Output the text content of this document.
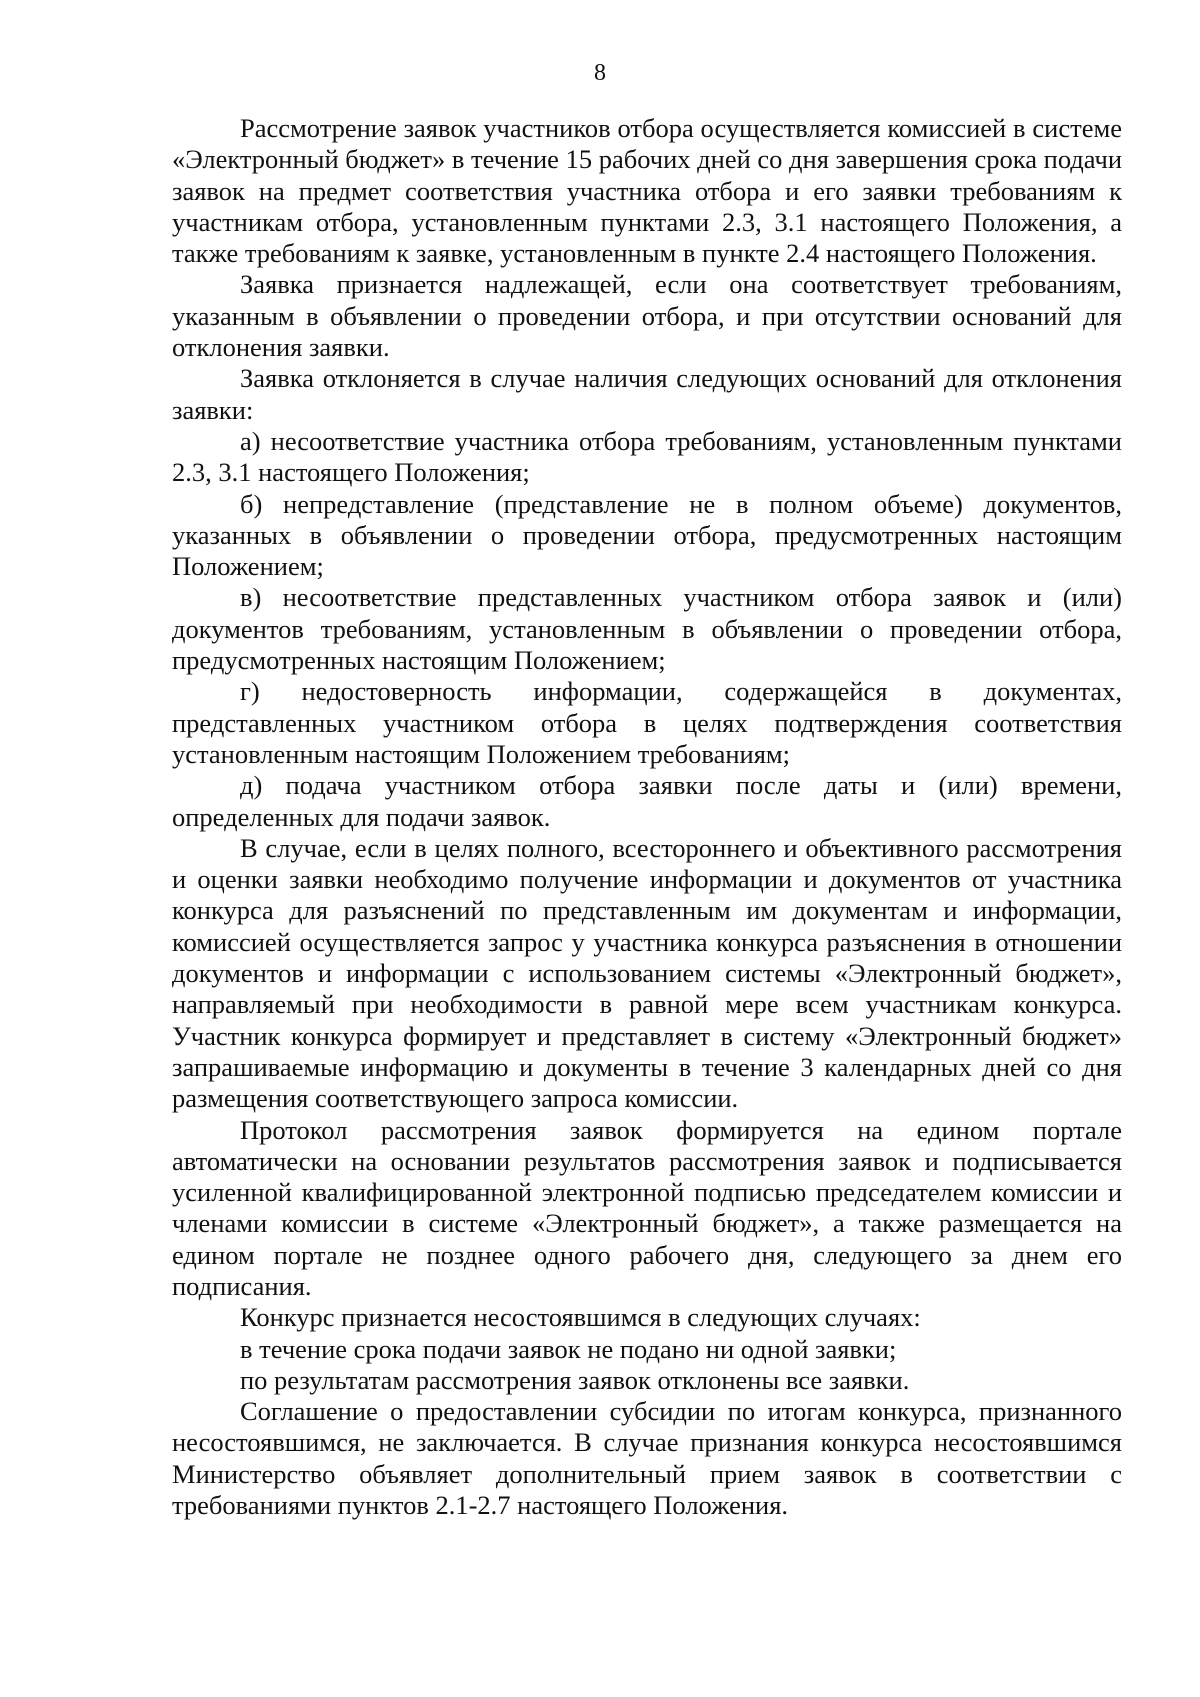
8

Рассмотрение заявок участников отбора осуществляется комиссией в системе «Электронный бюджет» в течение 15 рабочих дней со дня завершения срока подачи заявок на предмет соответствия участника отбора и его заявки требованиям к участникам отбора, установленным пунктами 2.3, 3.1 настоящего Положения, а также требованиям к заявке, установленным в пункте 2.4 настоящего Положения.

Заявка признается надлежащей, если она соответствует требованиям, указанным в объявлении о проведении отбора, и при отсутствии оснований для отклонения заявки.

Заявка отклоняется в случае наличия следующих оснований для отклонения заявки:

а) несоответствие участника отбора требованиям, установленным пунктами 2.3, 3.1 настоящего Положения;

б) непредставление (представление не в полном объеме) документов, указанных в объявлении о проведении отбора, предусмотренных настоящим Положением;

в) несоответствие представленных участником отбора заявок и (или) документов требованиям, установленным в объявлении о проведении отбора, предусмотренных настоящим Положением;

г) недостоверность информации, содержащейся в документах, представленных участником отбора в целях подтверждения соответствия установленным настоящим Положением требованиям;

д) подача участником отбора заявки после даты и (или) времени, определенных для подачи заявок.

В случае, если в целях полного, всестороннего и объективного рассмотрения и оценки заявки необходимо получение информации и документов от участника конкурса для разъяснений по представленным им документам и информации, комиссией осуществляется запрос у участника конкурса разъяснения в отношении документов и информации с использованием системы «Электронный бюджет», направляемый при необходимости в равной мере всем участникам конкурса. Участник конкурса формирует и представляет в систему «Электронный бюджет» запрашиваемые информацию и документы в течение 3 календарных дней со дня размещения соответствующего запроса комиссии.

Протокол рассмотрения заявок формируется на едином портале автоматически на основании результатов рассмотрения заявок и подписывается усиленной квалифицированной электронной подписью председателем комиссии и членами комиссии в системе «Электронный бюджет», а также размещается на едином портале не позднее одного рабочего дня, следующего за днем его подписания.

Конкурс признается несостоявшимся в следующих случаях:

в течение срока подачи заявок не подано ни одной заявки;

по результатам рассмотрения заявок отклонены все заявки.

Соглашение о предоставлении субсидии по итогам конкурса, признанного несостоявшимся, не заключается. В случае признания конкурса несостоявшимся Министерство объявляет дополнительный прием заявок в соответствии с требованиями пунктов 2.1-2.7 настоящего Положения.
